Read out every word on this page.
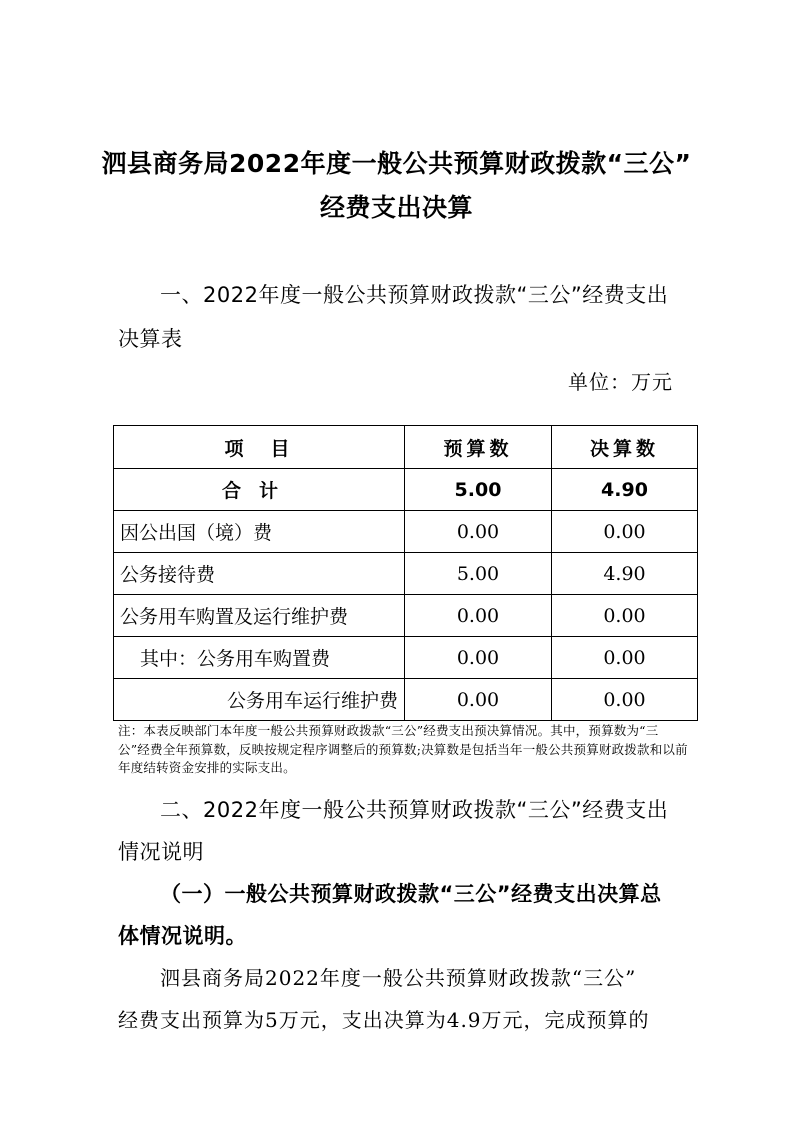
泗县商务局2022年度一般公共预算财政拨款“三公”
经费支出决算
一、2022年度一般公共预算财政拨款“三公”经费支出
决算表
单位：万元
项　目	预算数	决算数
合计	5.00	4.90
因公出国（境）费	0.00	0.00
公务接待费	5.00	4.90
公务用车购置及运行维护费	0.00	0.00
其中：公务用车购置费	0.00	0.00
公务用车运行维护费	0.00	0.00
注：本表反映部门本年度一般公共预算财政拨款“三公”经费支出预决算情况。其中，预算数为“三公”经费全年预算数，反映按规定程序调整后的预算数;决算数是包括当年一般公共预算财政拨款和以前年度结转资金安排的实际支出。
二、2022年度一般公共预算财政拨款“三公”经费支出
情况说明
（一）一般公共预算财政拨款“三公”经费支出决算总
体情况说明。
泗县商务局2022年度一般公共预算财政拨款“三公”
经费支出预算为5万元，支出决算为4.9万元，完成预算的
